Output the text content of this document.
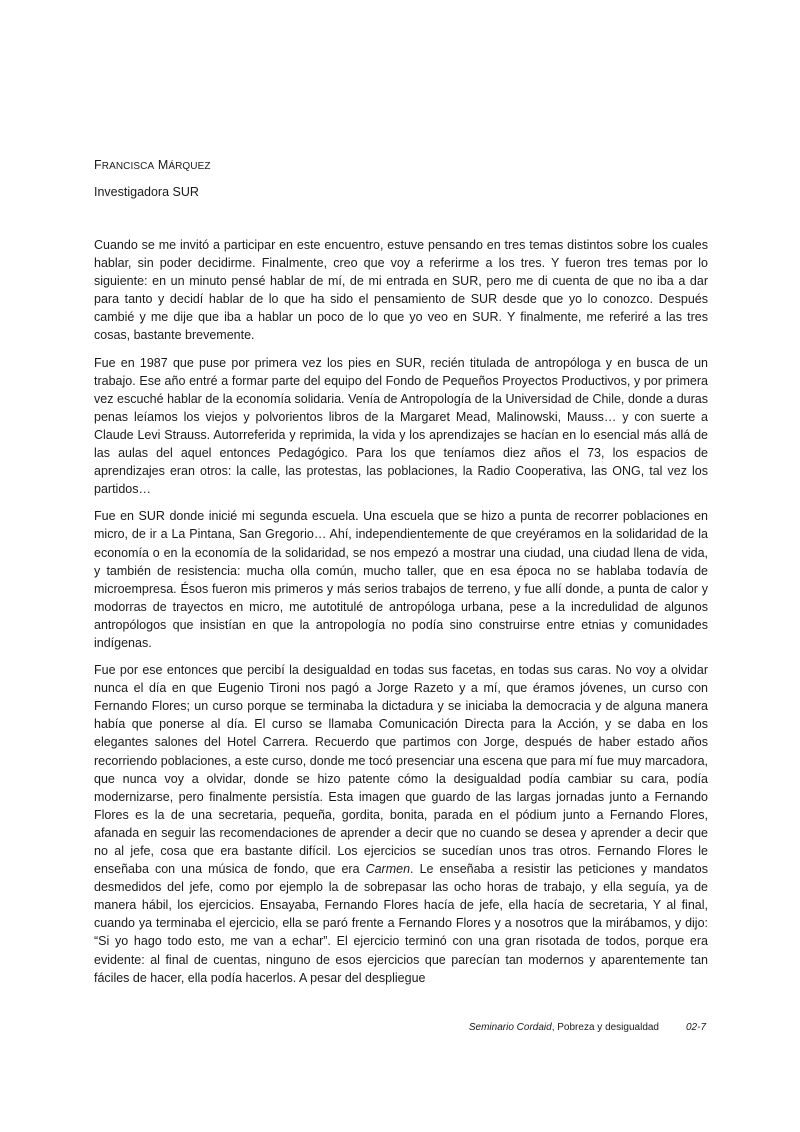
FRANCISCA MÁRQUEZ
Investigadora SUR

Cuando se me invitó a participar en este encuentro, estuve pensando en tres temas distintos sobre los cuales hablar, sin poder decidirme. Finalmente, creo que voy a referirme a los tres. Y fueron tres temas por lo siguiente: en un minuto pensé hablar de mí, de mi entrada en SUR, pero me di cuenta de que no iba a dar para tanto y decidí hablar de lo que ha sido el pensamiento de SUR desde que yo lo conozco. Después cambié y me dije que iba a hablar un poco de lo que yo veo en SUR. Y finalmente, me referiré a las tres cosas, bastante brevemente.

Fue en 1987 que puse por primera vez los pies en SUR, recién titulada de antropóloga y en busca de un trabajo. Ese año entré a formar parte del equipo del Fondo de Pequeños Proyectos Productivos, y por primera vez escuché hablar de la economía solidaria. Venía de Antropología de la Universidad de Chile, donde a duras penas leíamos los viejos y polvorientos libros de la Margaret Mead, Malinowski, Mauss… y con suerte a Claude Levi Strauss. Autorreferida y reprimida, la vida y los aprendizajes se hacían en lo esencial más allá de las aulas del aquel entonces Pedagógico. Para los que teníamos diez años el 73, los espacios de aprendizajes eran otros: la calle, las protestas, las poblaciones, la Radio Cooperativa, las ONG, tal vez los partidos…

Fue en SUR donde inicié mi segunda escuela. Una escuela que se hizo a punta de recorrer poblaciones en micro, de ir a La Pintana, San Gregorio… Ahí, independientemente de que creyéramos en la solidaridad de la economía o en la economía de la solidaridad, se nos empezó a mostrar una ciudad, una ciudad llena de vida, y también de resistencia: mucha olla común, mucho taller, que en esa época no se hablaba todavía de microempresa. Ésos fueron mis primeros y más serios trabajos de terreno, y fue allí donde, a punta de calor y modorras de trayectos en micro, me autotitulé de antropóloga urbana, pese a la incredulidad de algunos antropólogos que insistían en que la antropología no podía sino construirse entre etnias y comunidades indígenas.

Fue por ese entonces que percibí la desigualdad en todas sus facetas, en todas sus caras. No voy a olvidar nunca el día en que Eugenio Tironi nos pagó a Jorge Razeto y a mí, que éramos jóvenes, un curso con Fernando Flores; un curso porque se terminaba la dictadura y se iniciaba la democracia y de alguna manera había que ponerse al día. El curso se llamaba Comunicación Directa para la Acción, y se daba en los elegantes salones del Hotel Carrera. Recuerdo que partimos con Jorge, después de haber estado años recorriendo poblaciones, a este curso, donde me tocó presenciar una escena que para mí fue muy marcadora, que nunca voy a olvidar, donde se hizo patente cómo la desigualdad podía cambiar su cara, podía modernizarse, pero finalmente persistía. Esta imagen que guardo de las largas jornadas junto a Fernando Flores es la de una secretaria, pequeña, gordita, bonita, parada en el pódium junto a Fernando Flores, afanada en seguir las recomendaciones de aprender a decir que no cuando se desea y aprender a decir que no al jefe, cosa que era bastante difícil. Los ejercicios se sucedían unos tras otros. Fernando Flores le enseñaba con una música de fondo, que era Carmen. Le enseñaba a resistir las peticiones y mandatos desmedidos del jefe, como por ejemplo la de sobrepasar las ocho horas de trabajo, y ella seguía, ya de manera hábil, los ejercicios. Ensayaba, Fernando Flores hacía de jefe, ella hacía de secretaria, Y al final, cuando ya terminaba el ejercicio, ella se paró frente a Fernando Flores y a nosotros que la mirábamos, y dijo: “Si yo hago todo esto, me van a echar”. El ejercicio terminó con una gran risotada de todos, porque era evidente: al final de cuentas, ninguno de esos ejercicios que parecían tan modernos y aparentemente tan fáciles de hacer, ella podía hacerlos. A pesar del despliegue

Seminario Cordaid, Pobreza y desigualdad	02-7
